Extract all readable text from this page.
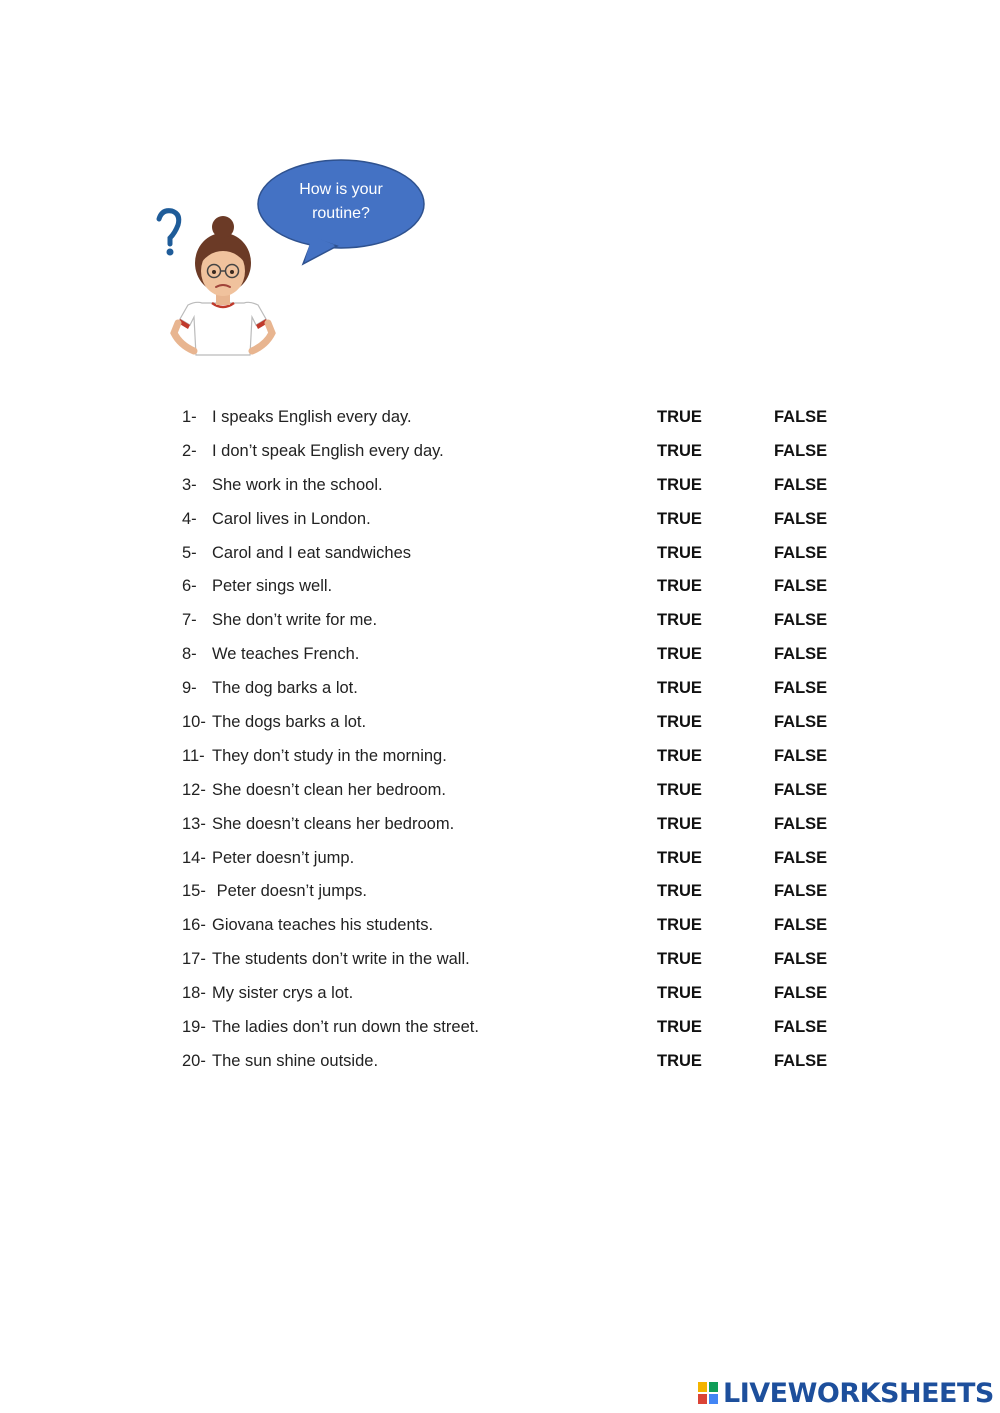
How is your
routine?
1- I speaks English every day.	TRUE	FALSE
2- I don’t speak English every day.	TRUE	FALSE
3- She work in the school.	TRUE	FALSE
4- Carol lives in London.	TRUE	FALSE
5- Carol and I eat sandwiches	TRUE	FALSE
6- Peter sings well.	TRUE	FALSE
7- She don’t write for me.	TRUE	FALSE
8- We teaches French.	TRUE	FALSE
9- The dog barks a lot.	TRUE	FALSE
10- The dogs barks a lot.	TRUE	FALSE
11- They don’t study in the morning.	TRUE	FALSE
12- She doesn’t clean her bedroom.	TRUE	FALSE
13- She doesn’t cleans her bedroom.	TRUE	FALSE
14- Peter doesn’t jump.	TRUE	FALSE
15- Peter doesn’t jumps.	TRUE	FALSE
16- Giovana teaches his students.	TRUE	FALSE
17- The students don’t write in the wall.	TRUE	FALSE
18- My sister crys a lot.	TRUE	FALSE
19- The ladies don’t run down the street.	TRUE	FALSE
20- The sun shine outside.	TRUE	FALSE
LIVEWORKSHEETS
